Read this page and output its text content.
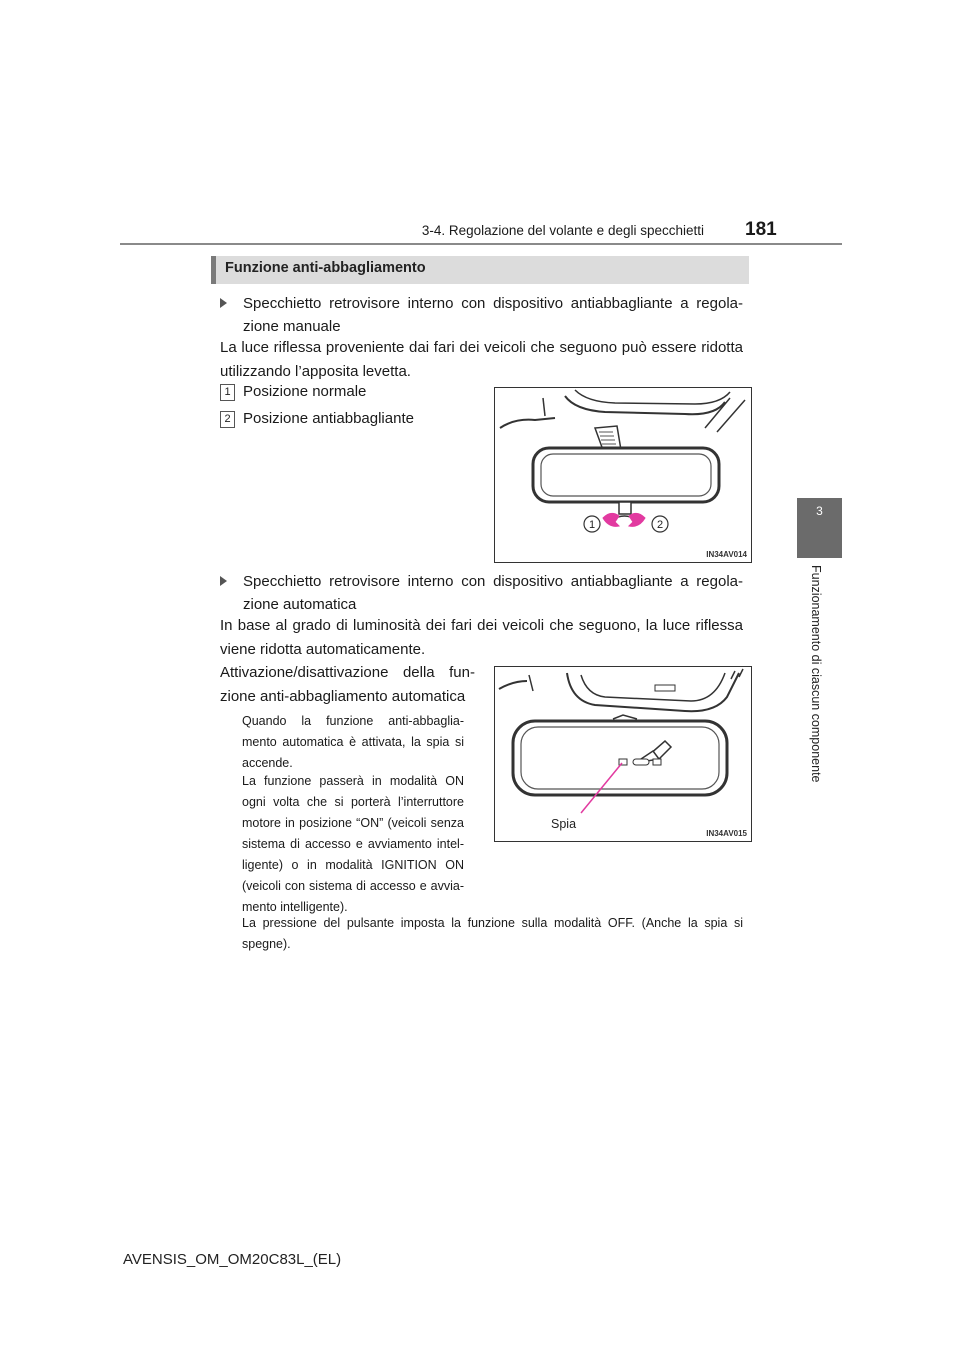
3-4. Regolazione del volante e degli specchietti 181
3
Funzionamento di ciascun componente
Funzione anti-abbagliamento
Specchietto retrovisore interno con dispositivo antiabbagliante a regola-zione manuale
La luce riflessa proveniente dai fari dei veicoli che seguono può essere ridotta utilizzando l’apposita levetta.
1 Posizione normale
2 Posizione antiabbagliante
1	2
IN34AV014
Specchietto retrovisore interno con dispositivo antiabbagliante a regola-zione automatica
In base al grado di luminosità dei fari dei veicoli che seguono, la luce riflessa viene ridotta automaticamente.
Attivazione/disattivazione della fun-zione anti-abbagliamento automatica
Quando la funzione anti-abbaglia-mento automatica è attivata, la spia si accende.
La funzione passerà in modalità ON ogni volta che si porterà l’interruttore motore in posizione “ON” (veicoli senza sistema di accesso e avviamento intel-ligente) o in modalità IGNITION ON (veicoli con sistema di accesso e avvia-mento intelligente).
La pressione del pulsante imposta la funzione sulla modalità OFF. (Anche la spia si spegne).
Spia
IN34AV015
AVENSIS_OM_OM20C83L_(EL)
